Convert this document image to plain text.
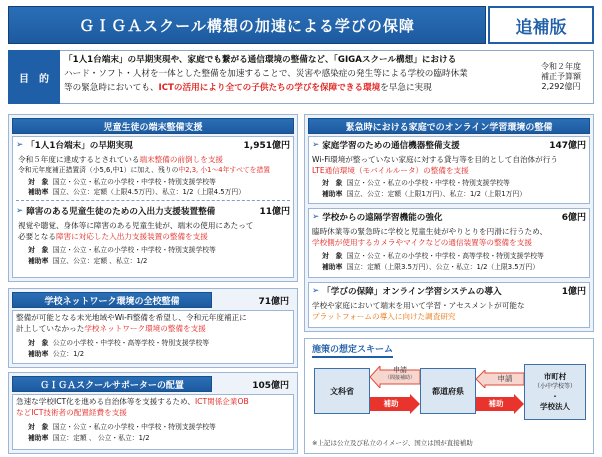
ＧＩＧＡスクール構想の加速による学びの保障	追補版
目　的
「1人1台端末」の早期実現や、家庭でも繋がる通信環境の整備など、「GIGAスクール構想」における
ハード・ソフト・人材を一体とした整備を加速することで、災害や感染症の発生等による学校の臨時休業
等の緊急時においても、ICTの活用により全ての子供たちの学びを保障できる環境を早急に実現
令和２年度
補正予算額
2,292億円
児童生徒の端末整備支援
➢ 「1人1台端末」の早期実現	1,951億円
令和５年度に達成するとされている端末整備の前倒しを支援
令和元年度補正措置済（小5,6,中1）に加え、残りの中2,3, 小1～4年すべてを措置
対　象 国立・公立・私立の小学校・中学校・特別支援学校等
補助率 国立、公立：定額（上限4.5万円）、私立：1/2（上限4.5万円）
➢ 障害のある児童生徒のための入出力支援装置整備	11億円
視覚や聴覚、身体等に障害のある児童生徒が、端末の使用にあたって
必要となる障害に対応した入出力支援装置の整備を支援
対　象 国立・公立・私立の小学校・中学校・特別支援学校等
補助率 国立、公立：定額 、私立：1/2
学校ネットワーク環境の全校整備	71億円
整備が可能となる未光地域やWi-Fi整備を希望し、令和元年度補正に
計上していなかった学校ネットワーク環境の整備を支援
対　象 公立の小学校・中学校・高等学校・特別支援学校等
補助率 公立：1/2
ＧＩＧＡスクールサポーターの配置	105億円
急速な学校ICT化を進める自治体等を支援するため、ICT関係企業OB
などICT技術者の配置経費を支援
対　象 国立・公立・私立の小学校・中学校・特別支援学校等
補助率 国立：定額 、 公立・私立：1/2
緊急時における家庭でのオンライン学習環境の整備
➢ 家庭学習のための通信機器整備支援	147億円
Wi-Fi環境が整っていない家庭に対する貸与等を目的として自治体が行う
LTE通信環境（モバイルルータ）の整備を支援
対　象 国立・公立・私立の小学校・中学校・特別支援学校等
補助率 国立、公立：定額（上限1万円）、私立：1/2（上限1万円）
➢ 学校からの遠隔学習機能の強化	6億円
臨時休業等の緊急時に学校と児童生徒がやりとりを円滑に行うため、
学校側が使用するカメラやマイクなどの通信装置等の整備を支援
対　象 国立・公立・私立の小学校・中学校・高等学校・特別支援学校等
補助率 国立：定額（上限3.5万円）、公立・私立：1/2（上限3.5万円）
➢ 「学びの保障」オンライン学習システムの導入	1億円
学校や家庭において端末を用いて学習・アセスメントが可能な
プラットフォームの導入に向けた調査研究
施策の想定スキーム
文科省	都道府県
市町村
（小中学校等）
・
学校法人
申請
（間接補助）	申請
補助	補助
※上記は公立及び私立のイメージ、国立は国が直接補助
